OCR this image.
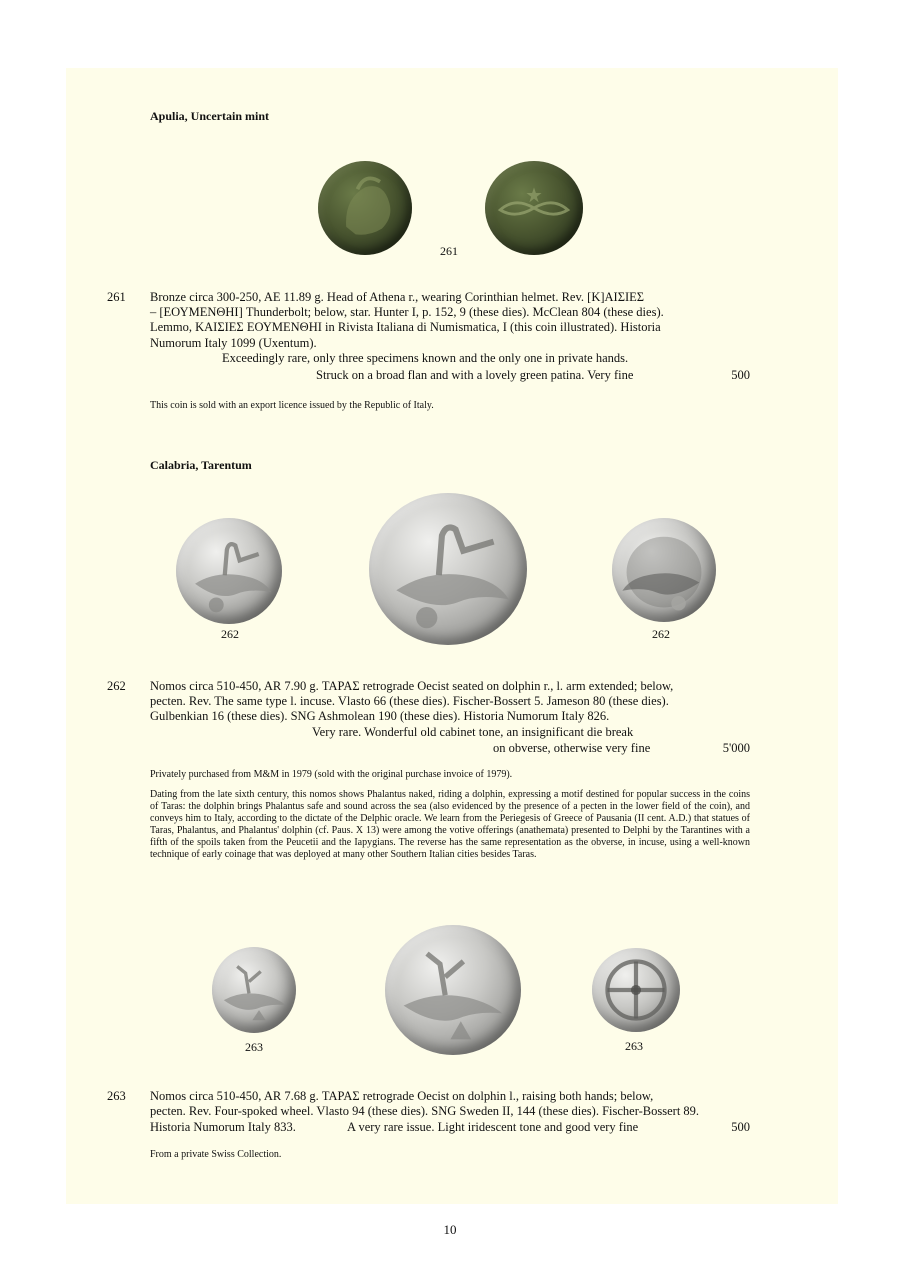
Apulia, Uncertain mint
261
261 Bronze circa 300-250, AE 11.89 g. Head of Athena r., wearing Corinthian helmet. Rev. [Κ]ΑΙΣΙΕΣ
– [ΕΟΥΜΕΝΘΗΙ] Thunderbolt; below, star. Hunter I, p. 152, 9 (these dies). McClean 804 (these dies).
Lemmo, ΚΑΙΣΙΕΣ ΕΟΥΜΕΝΘΗΙ in Rivista Italiana di Numismatica, I (this coin illustrated). Historia
Numorum Italy 1099 (Uxentum).
Exceedingly rare, only three specimens known and the only one in private hands.
Struck on a broad flan and with a lovely green patina. Very fine	500
This coin is sold with an export licence issued by the Republic of Italy.
Calabria, Tarentum
262	262
262 Nomos circa 510-450, AR 7.90 g. ΤΑΡΑΣ retrograde Oecist seated on dolphin r., l. arm extended; below,
pecten. Rev. The same type l. incuse. Vlasto 66 (these dies). Fischer-Bossert 5. Jameson 80 (these dies).
Gulbenkian 16 (these dies). SNG Ashmolean 190 (these dies). Historia Numorum Italy 826.
Very rare. Wonderful old cabinet tone, an insignificant die break
on obverse, otherwise very fine	5'000
Privately purchased from M&M in 1979 (sold with the original purchase invoice of 1979).
Dating from the late sixth century, this nomos shows Phalantus naked, riding a dolphin, expressing a motif destined for popular success in the coins of Taras: the dolphin brings Phalantus safe and sound across the sea (also evidenced by the presence of a pecten in the lower field of the coin), and conveys him to Italy, according to the dictate of the Delphic oracle. We learn from the Periegesis of Greece of Pausania (II cent. A.D.) that statues of Taras, Phalantus, and Phalantus' dolphin (cf. Paus. X 13) were among the votive offerings (anathemata) presented to Delphi by the Tarantines with a fifth of the spoils taken from the Peucetii and the Iapygians. The reverse has the same representation as the obverse, in incuse, using a well-known technique of early coinage that was deployed at many other Southern Italian cities besides Taras.
263	263
263 Nomos circa 510-450, AR 7.68 g. ΤΑΡΑΣ retrograde Oecist on dolphin l., raising both hands; below,
pecten. Rev. Four-spoked wheel. Vlasto 94 (these dies). SNG Sweden II, 144 (these dies). Fischer-Bossert 89.
Historia Numorum Italy 833.	A very rare issue. Light iridescent tone and good very fine	500
From a private Swiss Collection.
10
